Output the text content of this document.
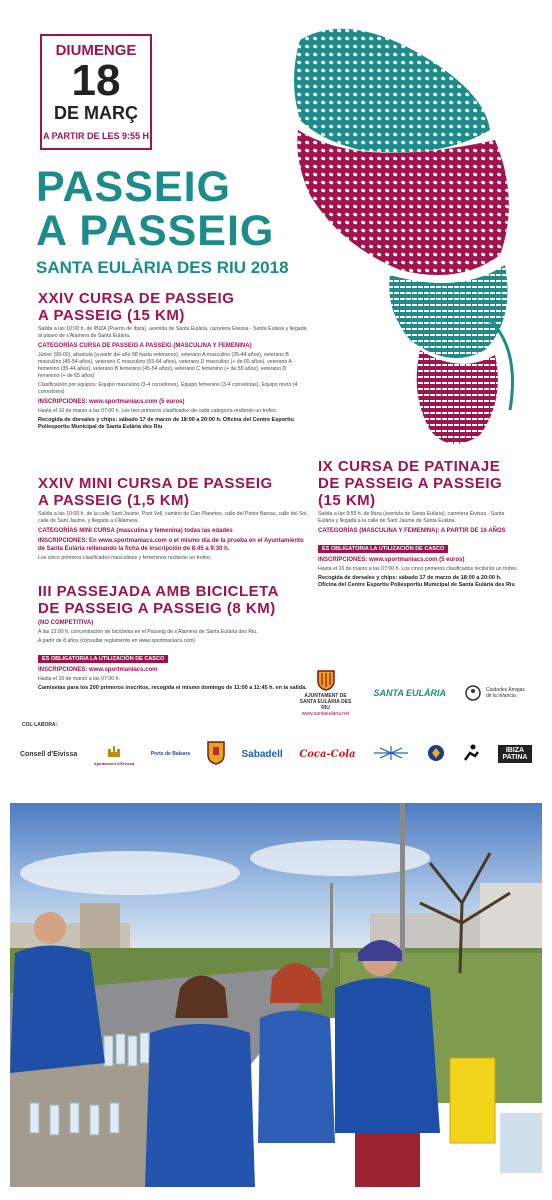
DIUMENGE
18
DE MARÇ
A PARTIR DE LES 9:55 H
PASSEIG
A PASSEIG
SANTA EULÀRIA DES RIU 2018
XXIV CURSA DE PASSEIG
A PASSEIG (15 KM)
Salida a las 10:00 h. de IBIZA (Puerto de Ibiza), avenida de Santa Eulària, carretera Eivissa - Santa Eulària y llegada al paseo de s'Alamera de Santa Eulària.
CATEGORÍAS CURSA DE PASSEIG A PASSEIG (MASCULINA Y FEMENINA)
Júnior (99-00), absoluta (a partir del año 98 hasta veteranos), veterano A masculino (35-44 años), veterano B masculino (45-54 años), veterano C masculino (55-64 años), veterano D masculino (+ de 65 años), veterano A femenino (35-44 años), veterano B femenino (45-54 años), veterano C femenino (+ de 55 años), veterano D femenino (+ de 65 años)
Clasificación por equipos: Equipo masculino (3-4 corredores), Equipo femenino (3-4 corredoras), Equipo mixto (4 corredores)
INSCRIPCIONES: www.sportmaniacs.com (5 euros)
Hasta el 16 de marzo a las 07:00 h. Los tres primeros clasificados de cada categoría recibirán un trofeo.
Recogida de dorsales y chips: sábado 17 de marzo de 18:00 a 20:00 h. Oficina del Centre Esportiu Poliesportiu Municipal de Santa Eulària des Riu
XXIV MINI CURSA DE PASSEIG
A PASSEIG (1,5 KM)
Salida a las 10:00 h. de la calle Sant Jaume, Pont Vell, camino de Can Planetes, calle del Pintor Barrau, calle del Sol, calle de Sant Jaume, y llegada a s'Alamera.
CATEGORÍAS MINI CURSA (masculina y femenina) todas las edades
INSCRIPCIONES: En www.sportmaniacs.com o el mismo día de la prueba en el Ayuntamiento de Santa Eulària rellenando la ficha de inscripción de 8:45 a 9:30 h.
Los cinco primeros clasificados masculinos y femeninos recibirán un trofeo.
III PASSEJADA AMB BICICLETA
DE PASSEIG A PASSEIG (8 KM)
(NO COMPETITIVA)
A las 12:00 h. concentración de bicicletas en el Passeig de s'Alamera de Santa Eulària des Riu.
A partir de 8 años (consultar reglamento en www.sportmaniacs.com)
ES OBLIGATORIA LA UTILIZACIÓN DE CASCO
INSCRIPCIONES: www.sportmaniacs.com
Hasta el 16 de marzo a las 07:00 h.
Camisetas para los 200 primeros inscritos, recogida el mismo domingo de 11:00 a 11:45 h. en la salida.
IX CURSA DE PATINAJE
DE PASSEIG A PASSEIG
(15 KM)
Salida a las 9:55 h. de Ibiza (avenida de Santa Eulària), carretera Eivissa - Santa Eulària y llegada a la calle de Sant Jaume de Santa Eulària.
CATEGORÍAS (MASCULINA Y FEMENINA): A PARTIR DE 16 AÑOS
ES OBLIGATORIA LA UTILIZACIÓN DE CASCO
INSCRIPCIONES: www.sportmaniacs.com (5 euros)
Hasta el 16 de marzo a las 07:00 h. Los cinco primeros clasificados recibirán un trofeo.
Recogida de dorsales y chips: sábado 17 de marzo de 18:00 a 20:00 h. Oficina del Centre Esportiu Poliesportiu Municipal de Santa Eulària des Riu
AJUNTAMENT DE SANTA EULÀRIA DES RIU
www.santaeularia.net
SANTA EULÀRIA	Ciudades Amigas de la Infancia
COL·LABORA:
Consell d'Eivissa
Ajuntament d'Eivissa
Ports de Balears	Sabadell Coca-Cola	IBIZA PATINA
